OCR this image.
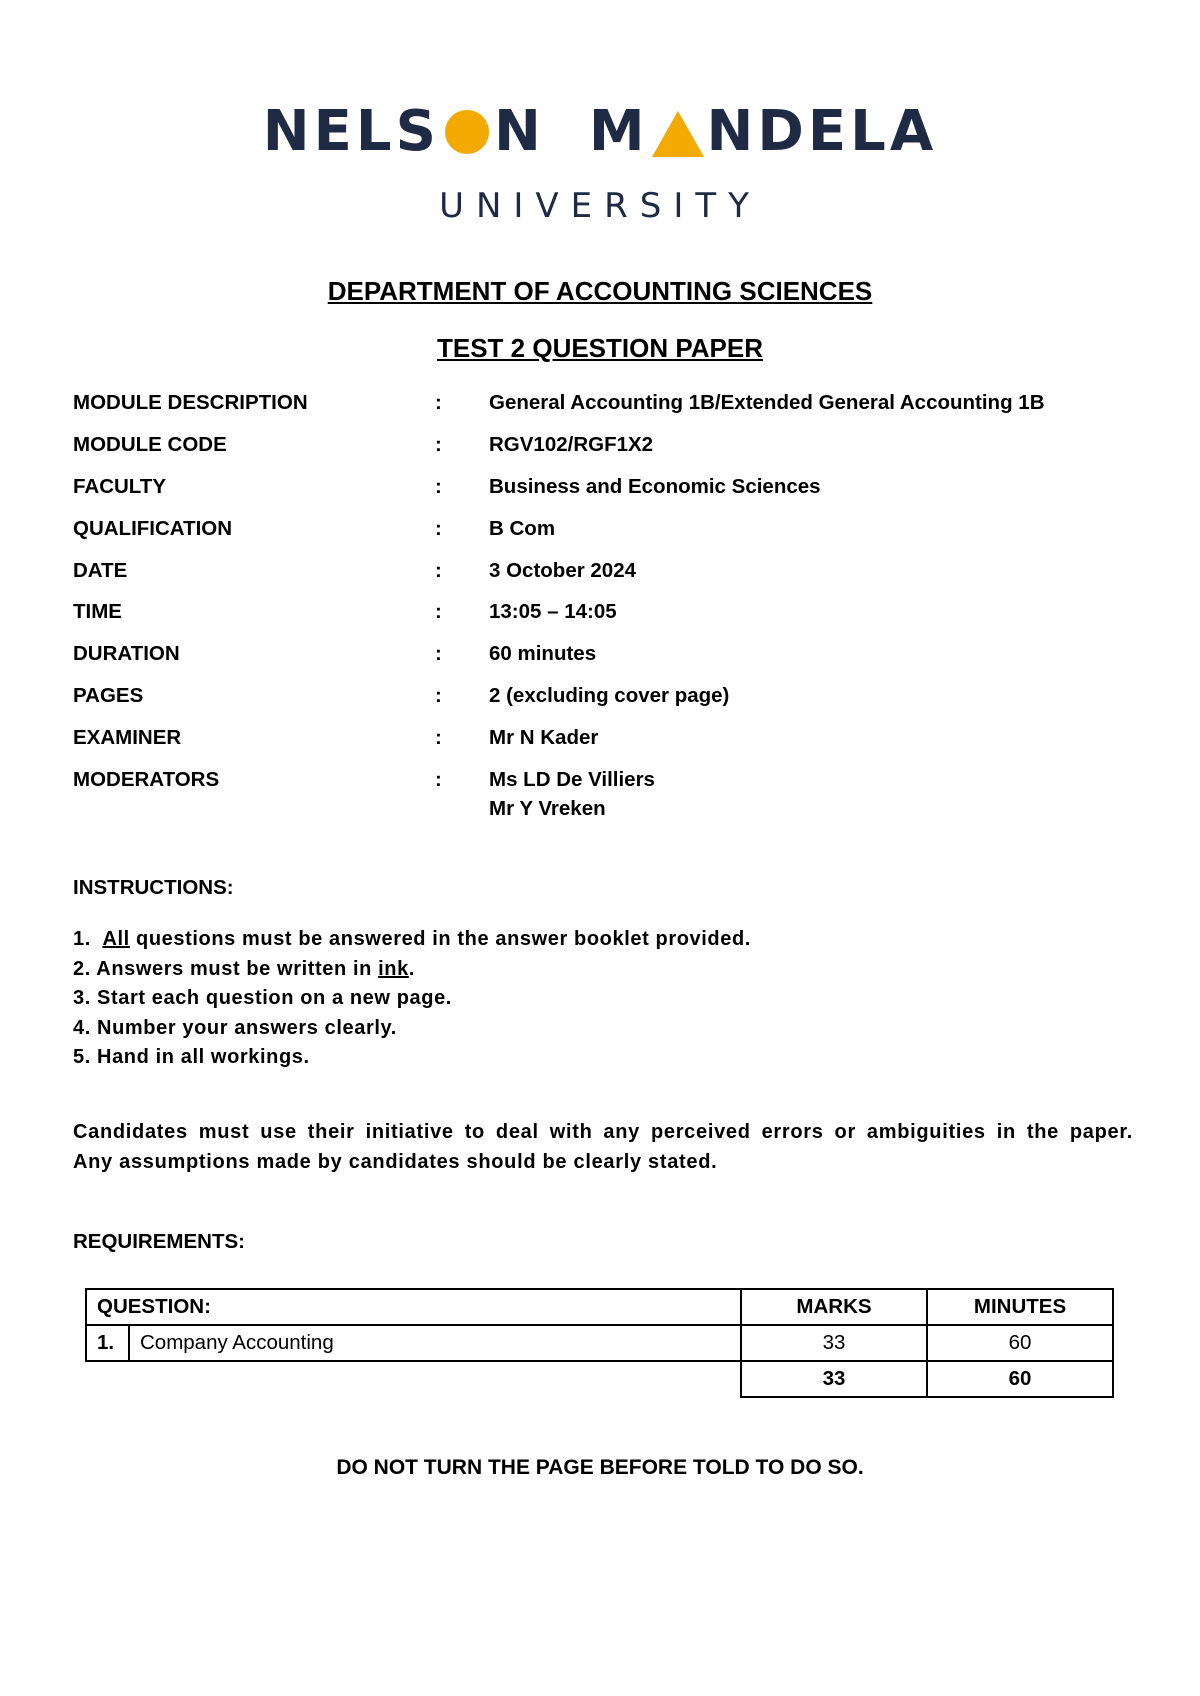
NELS N M NDELA
UNIVERSITY
DEPARTMENT OF ACCOUNTING SCIENCES
TEST 2 QUESTION PAPER
MODULE DESCRIPTION	: General Accounting 1B/Extended General Accounting 1B
MODULE CODE	: RGV102/RGF1X2
FACULTY	: Business and Economic Sciences
QUALIFICATION	: B Com
DATE	: 3 October 2024
TIME	: 13:05 – 14:05
DURATION	: 60 minutes
PAGES	: 2 (excluding cover page)
EXAMINER	: Mr N Kader
MODERATORS	: Ms LD De Villiers
Mr Y Vreken
INSTRUCTIONS:
1. All questions must be answered in the answer booklet provided.
2. Answers must be written in ink.
3. Start each question on a new page.
4. Number your answers clearly.
5. Hand in all workings.
Candidates must use their initiative to deal with any perceived errors or ambiguities in the paper.
Any assumptions made by candidates should be clearly stated.
REQUIREMENTS:
QUESTION:		MARKS	MINUTES
1.	Company Accounting	33	60
		33	60
DO NOT TURN THE PAGE BEFORE TOLD TO DO SO.
